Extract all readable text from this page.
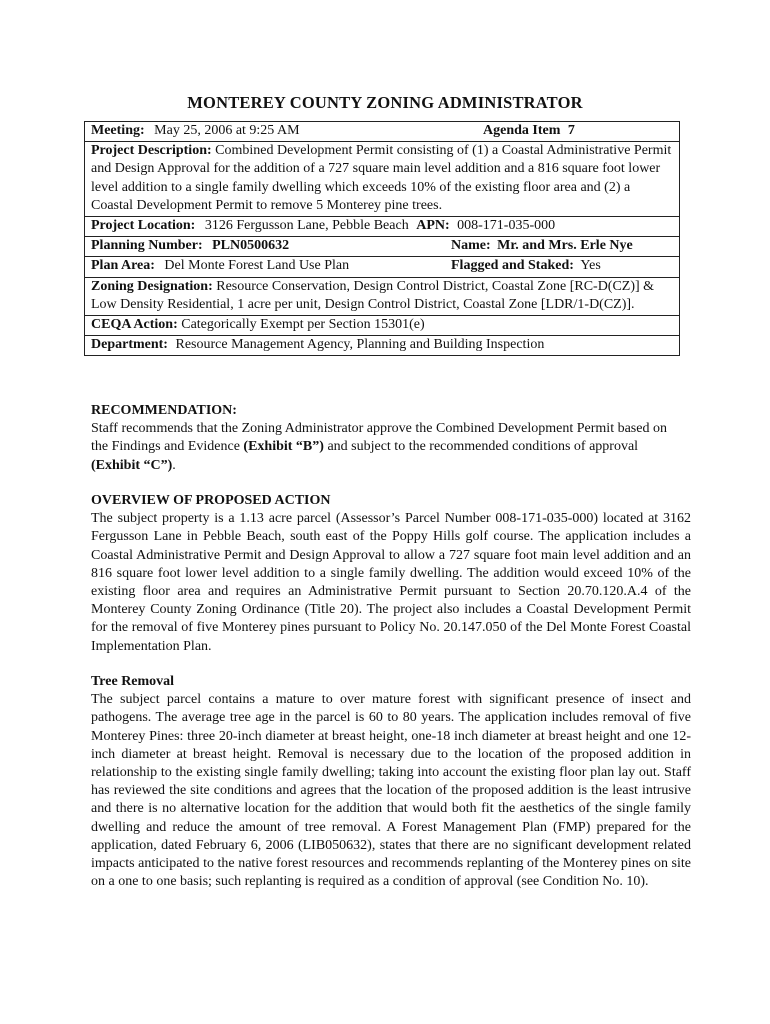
MONTEREY COUNTY ZONING ADMINISTRATOR
Meeting: May 25, 2006 at 9:25 AM	Agenda Item 7
Project Description: Combined Development Permit consisting of (1) a Coastal Administrative Permit and Design Approval for the addition of a 727 square main level addition and a 816 square foot lower level addition to a single family dwelling which exceeds 10% of the existing floor area and (2) a Coastal Development Permit to remove 5 Monterey pine trees.
Project Location: 3126 Fergusson Lane, Pebble Beach APN: 008-171-035-000
Planning Number: PLN0500632	Name: Mr. and Mrs. Erle Nye
Plan Area: Del Monte Forest Land Use Plan	Flagged and Staked: Yes
Zoning Designation: Resource Conservation, Design Control District, Coastal Zone [RC-D(CZ)] & Low Density Residential, 1 acre per unit, Design Control District, Coastal Zone [LDR/1-D(CZ)].
CEQA Action: Categorically Exempt per Section 15301(e)
Department: Resource Management Agency, Planning and Building Inspection
RECOMMENDATION:

Staff recommends that the Zoning Administrator approve the Combined Development Permit based on the Findings and Evidence (Exhibit “B”) and subject to the recommended conditions of approval (Exhibit “C”).

OVERVIEW OF PROPOSED ACTION

The subject property is a 1.13 acre parcel (Assessor’s Parcel Number 008-171-035-000) located at 3162 Fergusson Lane in Pebble Beach, south east of the Poppy Hills golf course. The application includes a Coastal Administrative Permit and Design Approval to allow a 727 square foot main level addition and an 816 square foot lower level addition to a single family dwelling. The addition would exceed 10% of the existing floor area and requires an Administrative Permit pursuant to Section 20.70.120.A.4 of the Monterey County Zoning Ordinance (Title 20). The project also includes a Coastal Development Permit for the removal of five Monterey pines pursuant to Policy No. 20.147.050 of the Del Monte Forest Coastal Implementation Plan.

Tree Removal

The subject parcel contains a mature to over mature forest with significant presence of insect and pathogens. The average tree age in the parcel is 60 to 80 years. The application includes removal of five Monterey Pines: three 20-inch diameter at breast height, one-18 inch diameter at breast height and one 12-inch diameter at breast height. Removal is necessary due to the location of the proposed addition in relationship to the existing single family dwelling; taking into account the existing floor plan lay out. Staff has reviewed the site conditions and agrees that the location of the proposed addition is the least intrusive and there is no alternative location for the addition that would both fit the aesthetics of the single family dwelling and reduce the amount of tree removal. A Forest Management Plan (FMP) prepared for the application, dated February 6, 2006 (LIB050632), states that there are no significant development related impacts anticipated to the native forest resources and recommends replanting of the Monterey pines on site on a one to one basis; such replanting is required as a condition of approval (see Condition No. 10).
